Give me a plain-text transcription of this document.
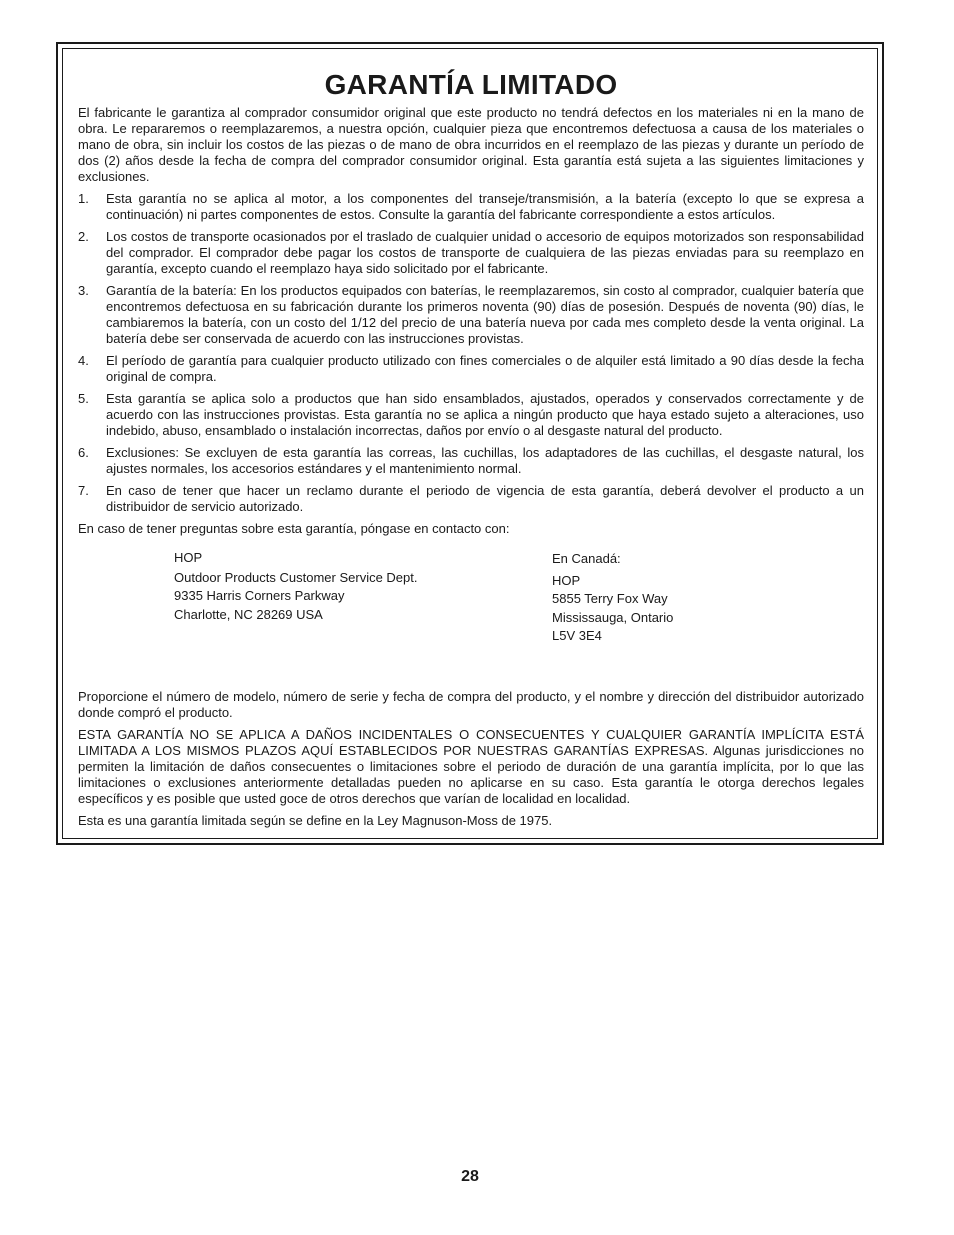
GARANTÍA LIMITADO

El fabricante le garantiza al comprador consumidor original que este producto no tendrá defectos en los materiales ni en la mano de obra. Le repararemos o reemplazaremos, a nuestra opción, cualquier pieza que encontremos defectuosa a causa de los materiales o mano de obra, sin incluir los costos de las piezas o de mano de obra incurridos en el reemplazo de las piezas y durante un período de dos (2) años desde la fecha de compra del comprador consumidor original. Esta garantía está sujeta a las siguientes limitaciones y exclusiones.

1.	Esta garantía no se aplica al motor, a los componentes del transeje/transmisión, a la batería (excepto lo que se expresa a continuación) ni partes componentes de estos. Consulte la garantía del fabricante correspondiente a estos artículos.
2.	Los costos de transporte ocasionados por el traslado de cualquier unidad o accesorio de equipos motorizados son responsabilidad del comprador. El comprador debe pagar los costos de transporte de cualquiera de las piezas enviadas para su reemplazo en garantía, excepto cuando el reemplazo haya sido solicitado por el fabricante.
3.	Garantía de la batería: En los productos equipados con baterías, le reemplazaremos, sin costo al comprador, cualquier batería que encontremos defectuosa en su fabricación durante los primeros noventa (90) días de posesión. Después de noventa (90) días, le cambiaremos la batería, con un costo del 1/12 del precio de una batería nueva por cada mes completo desde la venta original. La batería debe ser conservada de acuerdo con las instrucciones provistas.
4.	El período de garantía para cualquier producto utilizado con fines comerciales o de alquiler está limitado a 90 días desde la fecha original de compra.
5.	Esta garantía se aplica solo a productos que han sido ensamblados, ajustados, operados y conservados correctamente y de acuerdo con las instrucciones provistas. Esta garantía no se aplica a ningún producto que haya estado sujeto a alteraciones, uso indebido, abuso, ensamblado o instalación incorrectas, daños por envío o al desgaste natural del producto.
6.	Exclusiones: Se excluyen de esta garantía las correas, las cuchillas, los adaptadores de las cuchillas, el desgaste natural, los ajustes normales, los accesorios estándares y el mantenimiento normal.
7.	En caso de tener que hacer un reclamo durante el periodo de vigencia de esta garantía, deberá devolver el producto a un distribuidor de servicio autorizado.

En caso de tener preguntas sobre esta garantía, póngase en contacto con:

HOP
Outdoor Products Customer Service Dept.
9335 Harris Corners Parkway
Charlotte, NC 28269 USA
En Canadá:
HOP
5855 Terry Fox Way
Mississauga, Ontario
L5V 3E4

Proporcione el número de modelo, número de serie y fecha de compra del producto, y el nombre y dirección del distribuidor autorizado donde compró el producto.

ESTA GARANTÍA NO SE APLICA A DAÑOS INCIDENTALES O CONSECUENTES Y CUALQUIER GARANTÍA IMPLÍCITA ESTÁ LIMITADA A LOS MISMOS PLAZOS AQUÍ ESTABLECIDOS POR NUESTRAS GARANTÍAS EXPRESAS. Algunas jurisdicciones no permiten la limitación de daños consecuentes o limitaciones sobre el periodo de duración de una garantía implícita, por lo que las limitaciones o exclusiones anteriormente detalladas pueden no aplicarse en su caso. Esta garantía le otorga derechos legales específicos y es posible que usted goce de otros derechos que varían de localidad en localidad.

Esta es una garantía limitada según se define en la Ley Magnuson-Moss de 1975.

28
